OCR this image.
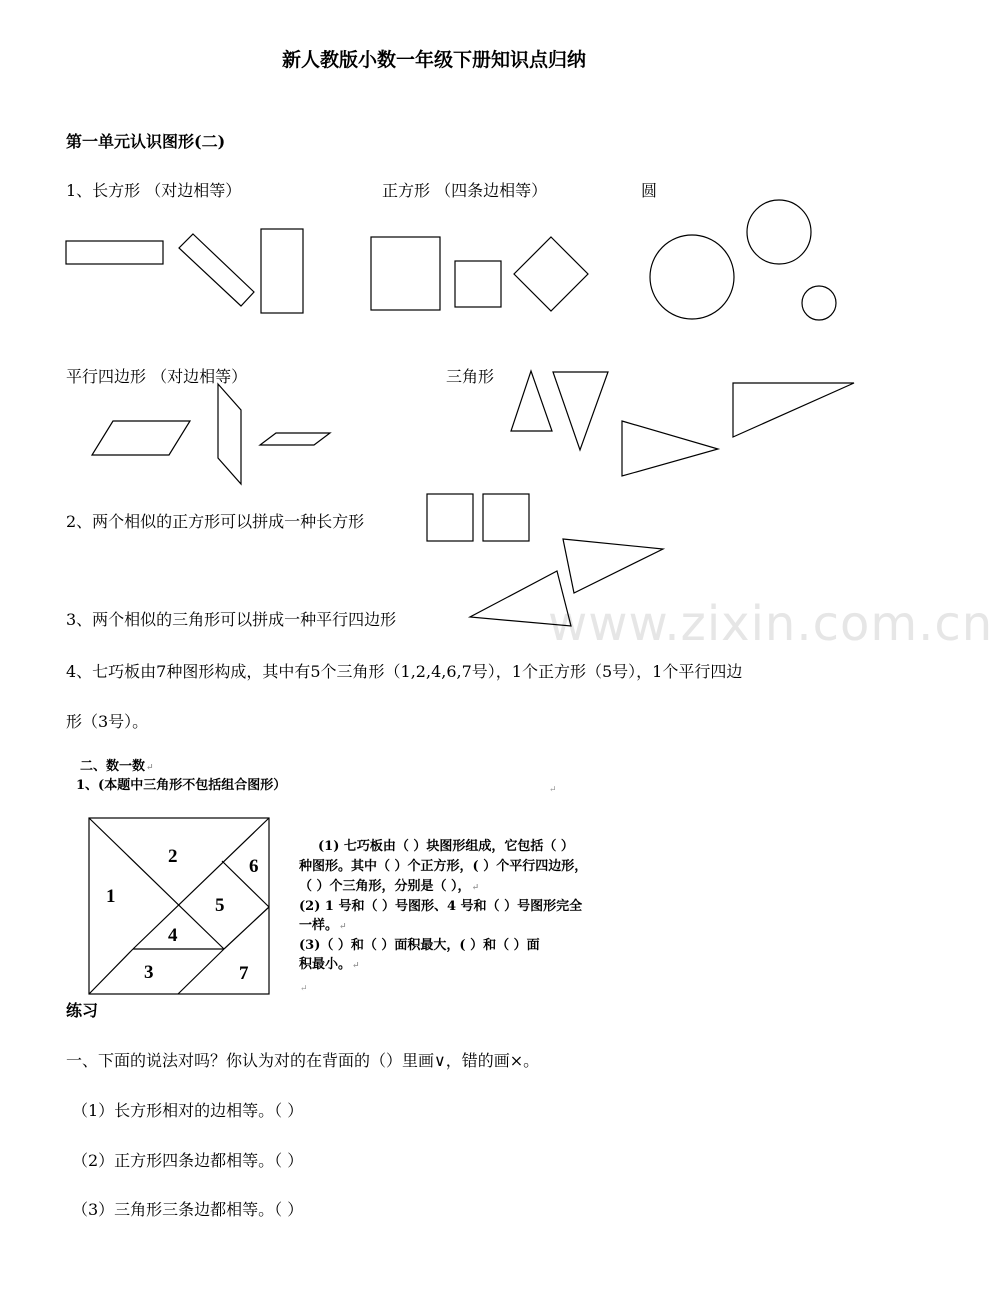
www.zixin.com.cn
新人教版小数一年级下册知识点归纳
第一单元认识图形(二)
1、长方形 （对边相等）	正方形 （四条边相等）	圆
平行四边形 （对边相等）	三角形
2、两个相似的正方形可以拼成一种长方形
3、两个相似的三角形可以拼成一种平行四边形
4、七巧板由7种图形构成，其中有5个三角形（1,2,4,6,7号），1个正方形（5号），1个平行四边
形（3号）。
1
2
3
4
5
6
7
二、数一数↵
1、(本题中三角形不包括组合图形）	↵
(1) 七巧板由（ ）块图形组成，它包括（ ）
种图形。其中（ ）个正方形，( ）个平行四边形，
（ ）个三角形，分别是（ ），↵
(2) 1 号和（ ）号图形、4 号和（ ）号图形完全
一样。↵
(3)（ ）和（ ）面积最大，( ）和（ ）面
积最小。↵
↵
练习
一、下面的说法对吗？你认为对的在背面的（）里画∨，错的画×。
（1）长方形相对的边相等。（ ）
（2）正方形四条边都相等。（ ）
（3）三角形三条边都相等。（ ）
